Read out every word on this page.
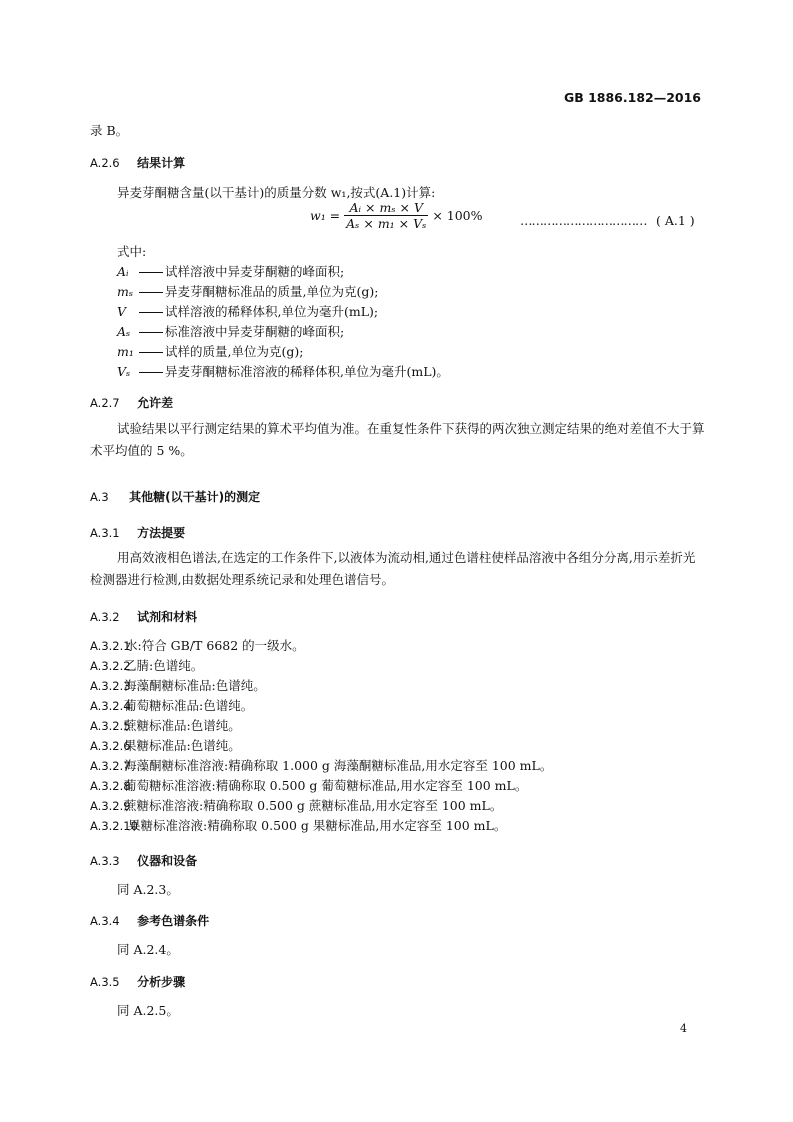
GB 1886.182—2016
录 B。
A.2.6 结果计算
异麦芽酮糖含量(以干基计)的质量分数 w₁,按式(A.1)计算:
$w_1 = \frac{\text{Aᵢ × mₛ × V}}{\text{Aₛ × m₁ × Vₛ}} \times 100\%$	…………………………… ( A.1 )
式中:
Aᵢ	试样溶液中异麦芽酮糖的峰面积;
mₛ	异麦芽酮糖标准品的质量,单位为克(g);
V	试样溶液的稀释体积,单位为毫升(mL);
Aₛ	标准溶液中异麦芽酮糖的峰面积;
m₁ 试样的质量,单位为克(g);
Vₛ	异麦芽酮糖标准溶液的稀释体积,单位为毫升(mL)。
A.2.7 允许差
试验结果以平行测定结果的算术平均值为准。在重复性条件下获得的两次独立测定结果的绝对差值不大于算术平均值的 5 %。
A.3 其他糖(以干基计)的测定
A.3.1 方法提要
用高效液相色谱法,在选定的工作条件下,以液体为流动相,通过色谱柱使样品溶液中各组分分离,用示差折光检测器进行检测,由数据处理系统记录和处理色谱信号。
A.3.2 试剂和材料
A.3.2.1 水:符合 GB/T 6682 的一级水。
A.3.2.2 乙腈:色谱纯。
A.3.2.3 海藻酮糖标准品:色谱纯。
A.3.2.4 葡萄糖标准品:色谱纯。
A.3.2.5 蔗糖标准品:色谱纯。
A.3.2.6 果糖标准品:色谱纯。
A.3.2.7 海藻酮糖标准溶液:精确称取 1.000 g 海藻酮糖标准品,用水定容至 100 mL。
A.3.2.8 葡萄糖标准溶液:精确称取 0.500 g 葡萄糖标准品,用水定容至 100 mL。
A.3.2.9 蔗糖标准溶液:精确称取 0.500 g 蔗糖标准品,用水定容至 100 mL。
A.3.2.10 果糖标准溶液:精确称取 0.500 g 果糖标准品,用水定容至 100 mL。
A.3.3 仪器和设备
同 A.2.3。
A.3.4 参考色谱条件
同 A.2.4。
A.3.5 分析步骤
同 A.2.5。
4
